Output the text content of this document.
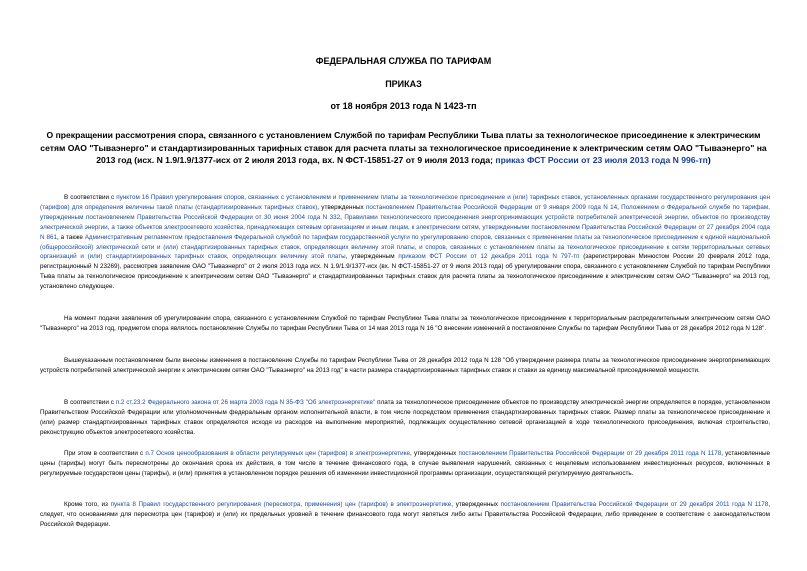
ФЕДЕРАЛЬНАЯ СЛУЖБА ПО ТАРИФАМ
ПРИКАЗ
от 18 ноября 2013 года N 1423-тп
О прекращении рассмотрения спора, связанного с установлением Службой по тарифам Республики Тыва платы за технологическое присоединение к электрическим сетям ОАО "Тываэнерго" и стандартизированных тарифных ставок для расчета платы за технологическое присоединение к электрическим сетям ОАО "Тываэнерго" на 2013 год (исх. N 1.9/1.9/1377-исх от 2 июля 2013 года, вх. N ФСТ-15851-27 от 9 июля 2013 года; приказ ФСТ России от 23 июля 2013 года N 996-тп)

В соответствии с пунктом 16 Правил урегулирования споров, связанных с установлением и применением платы за технологическое присоединение и (или) тарифных ставок, установленных органами государственного регулирования цен (тарифов) для определения величины такой платы (стандартизированных тарифных ставок), утвержденных постановлением Правительства Российской Федерации от 9 января 2009 года N 14, Положением о Федеральной службе по тарифам, утвержденным постановлением Правительства Российской Федерации от 30 июня 2004 года N 332, Правилами технологического присоединения энергопринимающих устройств потребителей электрической энергии, объектов по производству электрической энергии, а также объектов электросетевого хозяйства, принадлежащих сетевым организациям и иным лицам, к электрическим сетям, утвержденными постановлением Правительства Российской Федерации от 27 декабря 2004 года N 861, а также Административным регламентом предоставления Федеральной службой по тарифам государственной услуги по урегулированию споров, связанных с применением платы за технологическое присоединение к единой национальной (общероссийской) электрической сети и (или) стандартизированных тарифных ставок, определяющих величину этой платы, и споров, связанных с установлением платы за технологическое присоединение к сетям территориальных сетевых организаций и (или) стандартизированных тарифных ставок, определяющих величину этой платы, утвержденным приказом ФСТ России от 12 декабря 2011 года N 797-тп (зарегистрирован Минюстом России 20 февраля 2012 года, регистрационный N 23269), рассмотрев заявление ОАО "Тываэнерго" от 2 июля 2013 года исх. N 1.9/1.9/1377-исх (вх. N ФСТ-15851-27 от 9 июля 2013 года) об урегулировании спора, связанного с установлением Службой по тарифам Республики Тыва платы за технологическое присоединение к электрическим сетям ОАО "Тываэнерго" и стандартизированных тарифных ставок для расчета платы за технологическое присоединение к электрическим сетям ОАО "Тываэнерго" на 2013 год, установлено следующее.

На момент подачи заявления об урегулировании спора, связанного с установлением Службой по тарифам Республики Тыва платы за технологическое присоединение к территориальным распределительным электрическим сетям ОАО "Тываэнерго" на 2013 год, предметом спора являлось постановление Службы по тарифам Республики Тыва от 14 мая 2013 года N 16 "О внесении изменений в постановление Службы по тарифам Республики Тыва от 28 декабря 2012 года N 128".

Вышеуказанным постановлением были внесены изменения в постановление Службы по тарифам Республики Тыва от 28 декабря 2012 года N 128 "Об утверждении размера платы за технологическое присоединение энергопринимающих устройств потребителей электрической энергии к электрическим сетям ОАО "Тываэнерго" на 2013 год" в части размера стандартизированных тарифных ставок и ставки за единицу максимальной присоединяемой мощности.

В соответствии с п.2 ст.23.2 Федерального закона от 26 марта 2003 года N 35-ФЗ "Об электроэнергетике" плата за технологическое присоединение объектов по производству электрической энергии определяется в порядке, установленном Правительством Российской Федерации или уполномоченным федеральным органом исполнительной власти, в том числе посредством применения стандартизированных тарифных ставок. Размер платы за технологическое присоединение и (или) размер стандартизированных тарифных ставок определяются исходя из расходов на выполнение мероприятий, подлежащих осуществлению сетевой организацией в ходе технологического присоединения, включая строительство, реконструкцию объектов электросетевого хозяйства.

При этом в соответствии с п.7 Основ ценообразования в области регулируемых цен (тарифов) в электроэнергетике, утвержденных постановлением Правительства Российской Федерации от 29 декабря 2011 года N 1178, установленные цены (тарифы) могут быть пересмотрены до окончания срока их действия, в том числе в течение финансового года, в случае выявления нарушений, связанных с нецелевым использованием инвестиционных ресурсов, включенных в регулируемые государством цены (тарифы), и (или) принятия в установленном порядке решения об изменении инвестиционной программы организации, осуществляющей регулируемую деятельность.

Кроме того, из пункта 8 Правил государственного регулирования (пересмотра, применения) цен (тарифов) в электроэнергетике, утвержденных постановлением Правительства Российской Федерации от 29 декабря 2011 года N 1178, следует, что основаниями для пересмотра цен (тарифов) и (или) их предельных уровней в течение финансового года могут являться либо акты Правительства Российской Федерации, либо приведение в соответствие с законодательством Российской Федерации.
